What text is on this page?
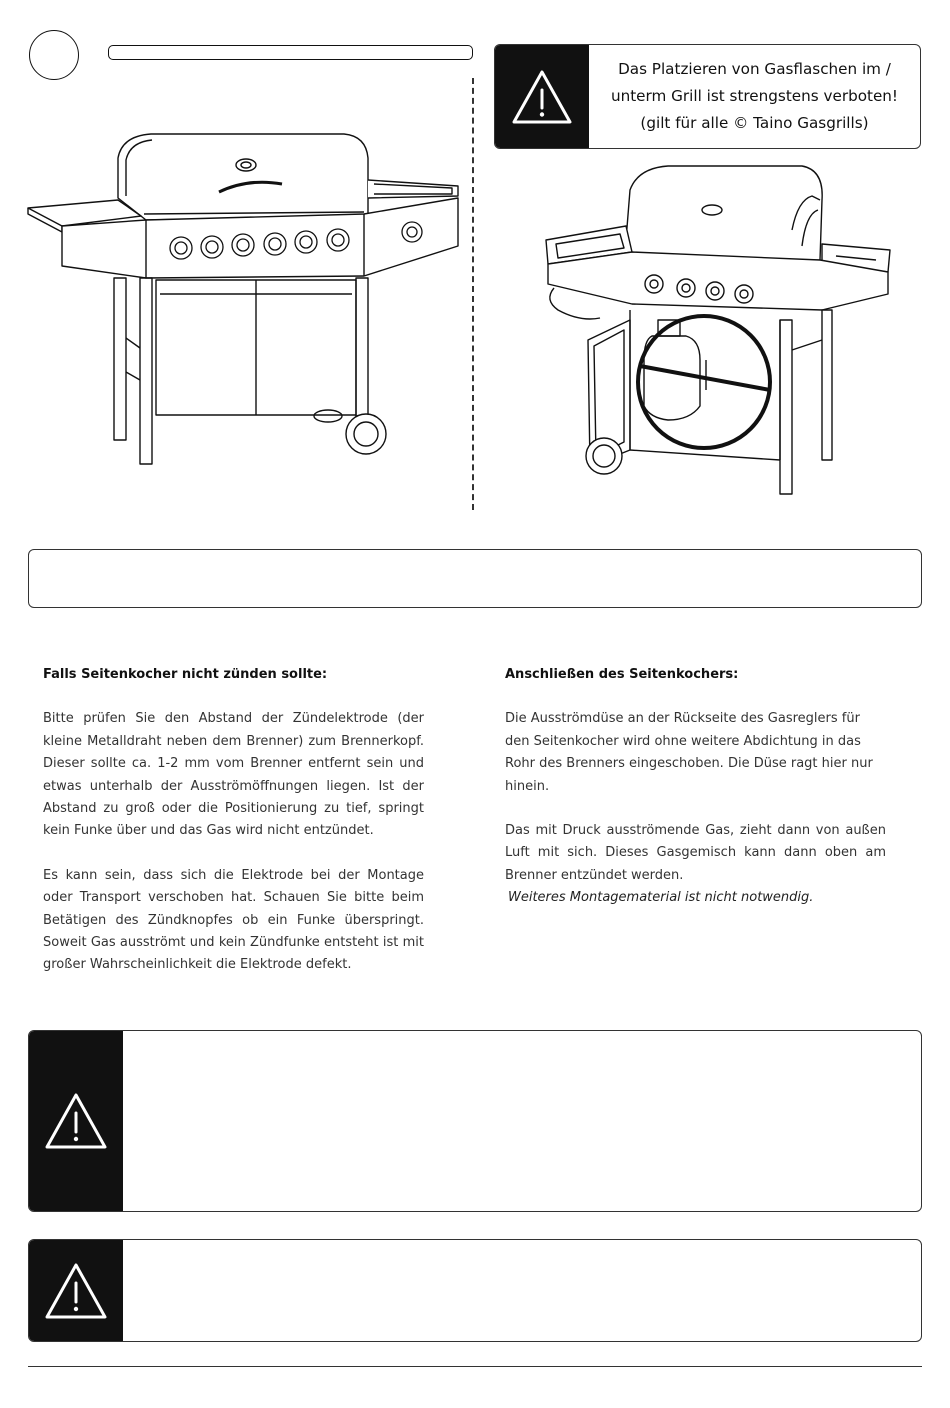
Das Platzieren von Gasflaschen im /
unterm Grill ist strengstens verboten!
(gilt für alle © Taino Gasgrills)
Falls Seitenkocher nicht zünden sollte:
Bitte prüfen Sie den Abstand der Zündelektrode (der kleine Metalldraht neben dem Brenner) zum Brennerkopf. Dieser sollte ca. 1-2 mm vom Brenner entfernt sein und etwas unterhalb der Ausströmöffnungen liegen. Ist der Abstand zu groß oder die Positionierung zu tief, springt kein Funke über und das Gas wird nicht entzündet.
Es kann sein, dass sich die Elektrode bei der Montage oder Transport verschoben hat. Schauen Sie bitte beim Betätigen des Zündknopfes ob ein Funke überspringt. Soweit Gas ausströmt und kein Zündfunke entsteht ist mit großer Wahrscheinlichkeit die Elektrode defekt.
Anschließen des Seitenkochers:
Die Ausströmdüse an der Rückseite des Gasreglers für den Seitenkocher wird ohne weitere Abdichtung in das Rohr des Brenners eingeschoben. Die Düse ragt hier nur hinein.
Das mit Druck ausströmende Gas, zieht dann von außen Luft mit sich. Dieses Gasgemisch kann dann oben am Brenner entzündet werden.
Weiteres Montagematerial ist nicht notwendig.
